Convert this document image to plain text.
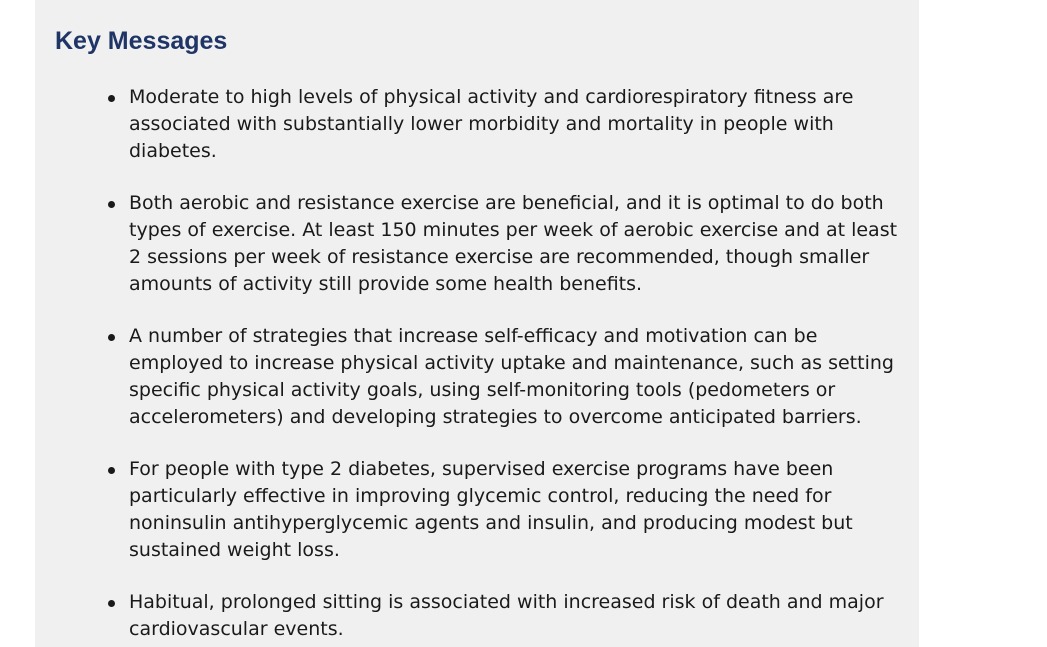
Key Messages
Moderate to high levels of physical activity and cardiorespiratory fitness are associated with substantially lower morbidity and mortality in people with diabetes.
Both aerobic and resistance exercise are beneficial, and it is optimal to do both types of exercise. At least 150 minutes per week of aerobic exercise and at least 2 sessions per week of resistance exercise are recommended, though smaller amounts of activity still provide some health benefits.
A number of strategies that increase self-efficacy and motivation can be employed to increase physical activity uptake and maintenance, such as setting specific physical activity goals, using self-monitoring tools (pedometers or accelerometers) and developing strategies to overcome anticipated barriers.
For people with type 2 diabetes, supervised exercise programs have been particularly effective in improving glycemic control, reducing the need for noninsulin antihyperglycemic agents and insulin, and producing modest but sustained weight loss.
Habitual, prolonged sitting is associated with increased risk of death and major cardiovascular events.
